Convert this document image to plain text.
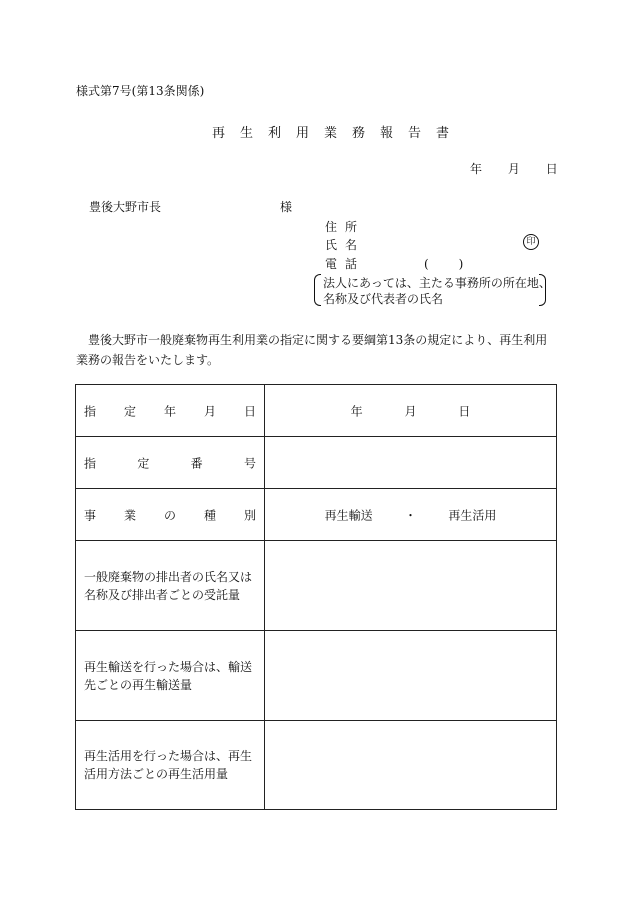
様式第7号(第13条関係)
再生利用業務報告書
年 月 日
豊後大野市長	様
住所
氏名
電話	(　　)
印
法人にあっては、主たる事務所の所在地、
名称及び代表者の氏名
豊後大野市一般廃棄物再生利用業の指定に関する要綱第13条の規定により、再生利用業務の報告をいたします。
指 定 年 月 日	年	月	日
指	定	番	号
事 業 の 種 別	再生輸送	・	再生活用
一般廃棄物の排出者の氏名又は名称及び排出者ごとの受託量
再生輸送を行った場合は、輸送先ごとの再生輸送量
再生活用を行った場合は、再生活用方法ごとの再生活用量
